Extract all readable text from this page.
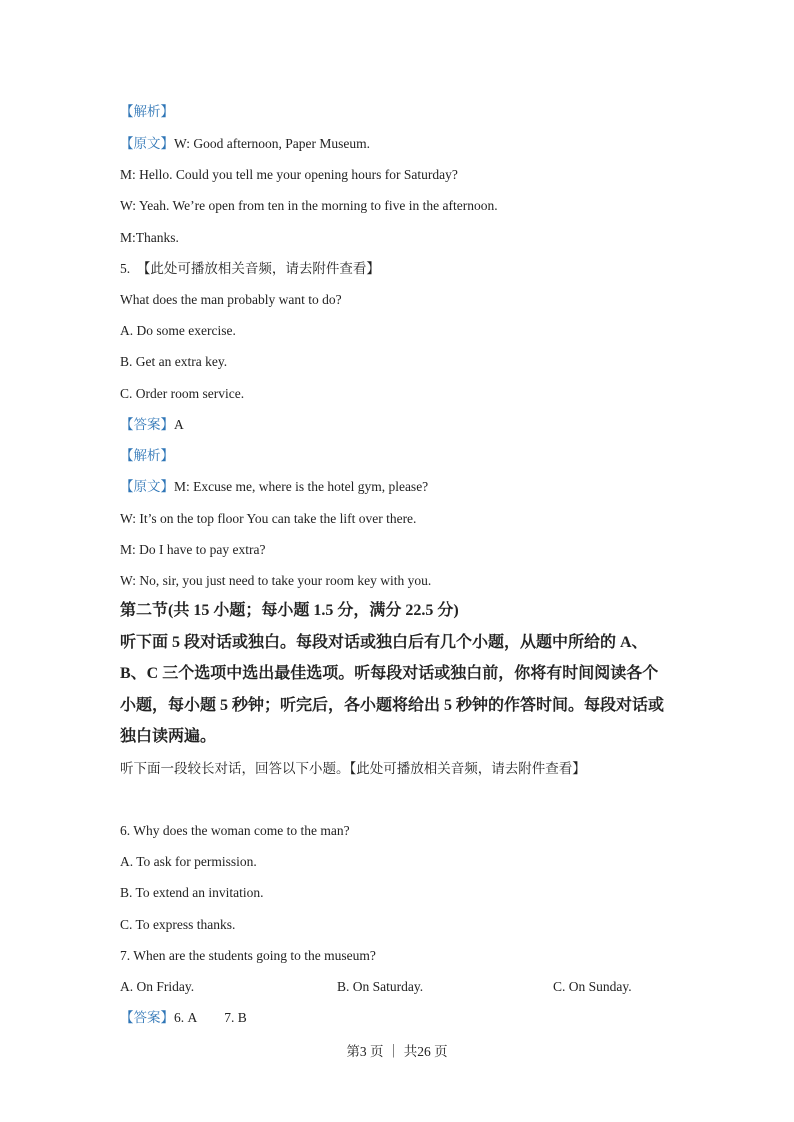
【解析】
【原文】W: Good afternoon, Paper Museum.
M: Hello. Could you tell me your opening hours for Saturday?
W: Yeah. We’re open from ten in the morning to five in the afternoon.
M:Thanks.
5. 【此处可播放相关音频，请去附件查看】
What does the man probably want to do?
A. Do some exercise.
B. Get an extra key.
C. Order room service.
【答案】A
【解析】
【原文】M: Excuse me, where is the hotel gym, please?
W: It’s on the top floor You can take the lift over there.
M: Do I have to pay extra?
W: No, sir, you just need to take your room key with you.
第二节(共 15 小题；每小题 1.5 分，满分 22.5 分)
听下面 5 段对话或独白。每段对话或独白后有几个小题，从题中所给的 A、
B、C 三个选项中选出最佳选项。听每段对话或独白前，你将有时间阅读各个
小题，每小题 5 秒钟；听完后，各小题将给出 5 秒钟的作答时间。每段对话或
独白读两遍。
听下面一段较长对话，回答以下小题。【此处可播放相关音频，请去附件查看】
6. Why does the woman come to the man?
A. To ask for permission.
B. To extend an invitation.
C. To express thanks.
7. When are the students going to the museum?
A. On Friday.	B. On Saturday.	C. On Sunday.
【答案】6. A        7. B
第3 页 ｜ 共26 页
